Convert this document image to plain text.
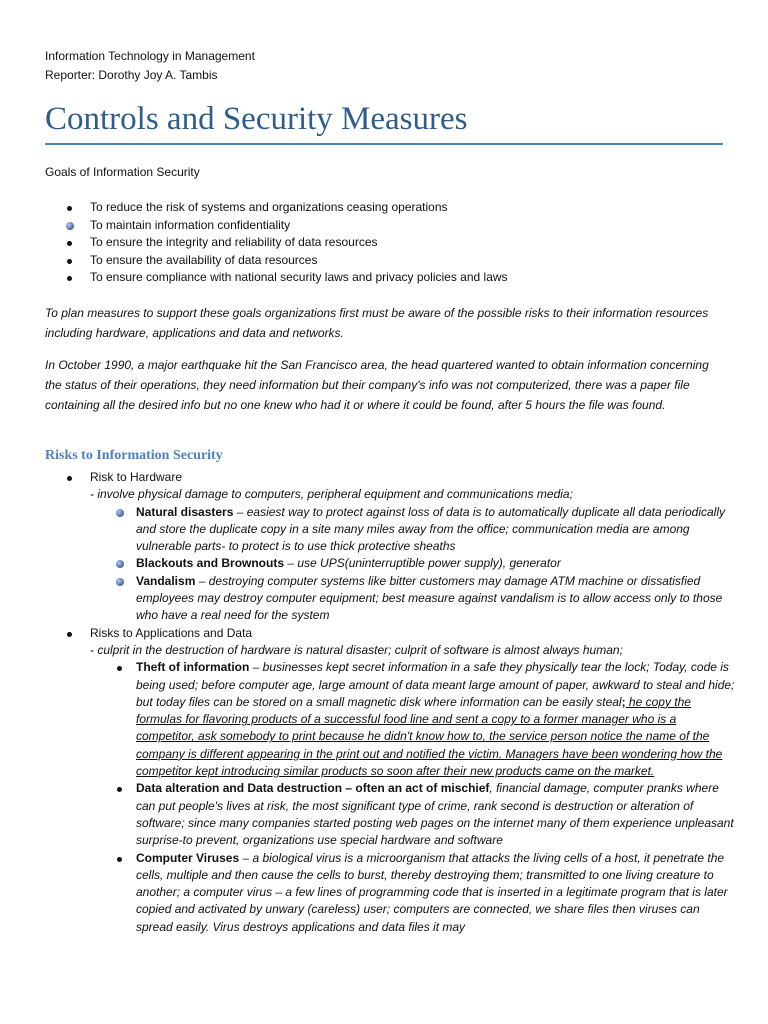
Information Technology in Management
Reporter: Dorothy Joy A. Tambis
Controls and Security Measures
Goals of Information Security
To reduce the risk of systems and organizations ceasing operations
To maintain information confidentiality
To ensure the integrity and reliability of data resources
To ensure the availability of data resources
To ensure compliance with national security laws and privacy policies and laws
To plan measures to support these goals organizations first must be aware of the possible risks to their information resources including hardware, applications and data and networks.
In October 1990, a major earthquake hit the San Francisco area, the head quartered wanted to obtain information concerning the status of their operations, they need information but their company's info was not computerized, there was a paper file containing all the desired info but no one knew who had it or where it could be found, after 5 hours the file was found.
Risks to Information Security
Risk to Hardware
- involve physical damage to computers, peripheral equipment and communications media;
Natural disasters – easiest way to protect against loss of data is to automatically duplicate all data periodically and store the duplicate copy in a site many miles away from the office; communication media are among vulnerable parts- to protect is to use thick protective sheaths
Blackouts and Brownouts – use UPS(uninterruptible power supply), generator
Vandalism – destroying computer systems like bitter customers may damage ATM machine or dissatisfied employees may destroy computer equipment; best measure against vandalism is to allow access only to those who have a real need for the system
Risks to Applications and Data
- culprit in the destruction of hardware is natural disaster; culprit of software is almost always human;
Theft of information – businesses kept secret information in a safe they physically tear the lock; Today, code is being used; before computer age, large amount of data meant large amount of paper, awkward to steal and hide; but today files can be stored on a small magnetic disk where information can be easily steal; he copy the formulas for flavoring products of a successful food line and sent a copy to a former manager who is a competitor, ask somebody to print because he didn't know how to, the service person notice the name of the company is different appearing in the print out and notified the victim. Managers have been wondering how the competitor kept introducing similar products so soon after their new products came on the market.
Data alteration and Data destruction – often an act of mischief, financial damage, computer pranks where can put people's lives at risk, the most significant type of crime, rank second is destruction or alteration of software; since many companies started posting web pages on the internet many of them experience unpleasant surprise-to prevent, organizations use special hardware and software
Computer Viruses – a biological virus is a microorganism that attacks the living cells of a host, it penetrate the cells, multiple and then cause the cells to burst, thereby destroying them; transmitted to one living creature to another; a computer virus – a few lines of programming code that is inserted in a legitimate program that is later copied and activated by unwary (careless) user; computers are connected, we share files then viruses can spread easily. Virus destroys applications and data files it may
